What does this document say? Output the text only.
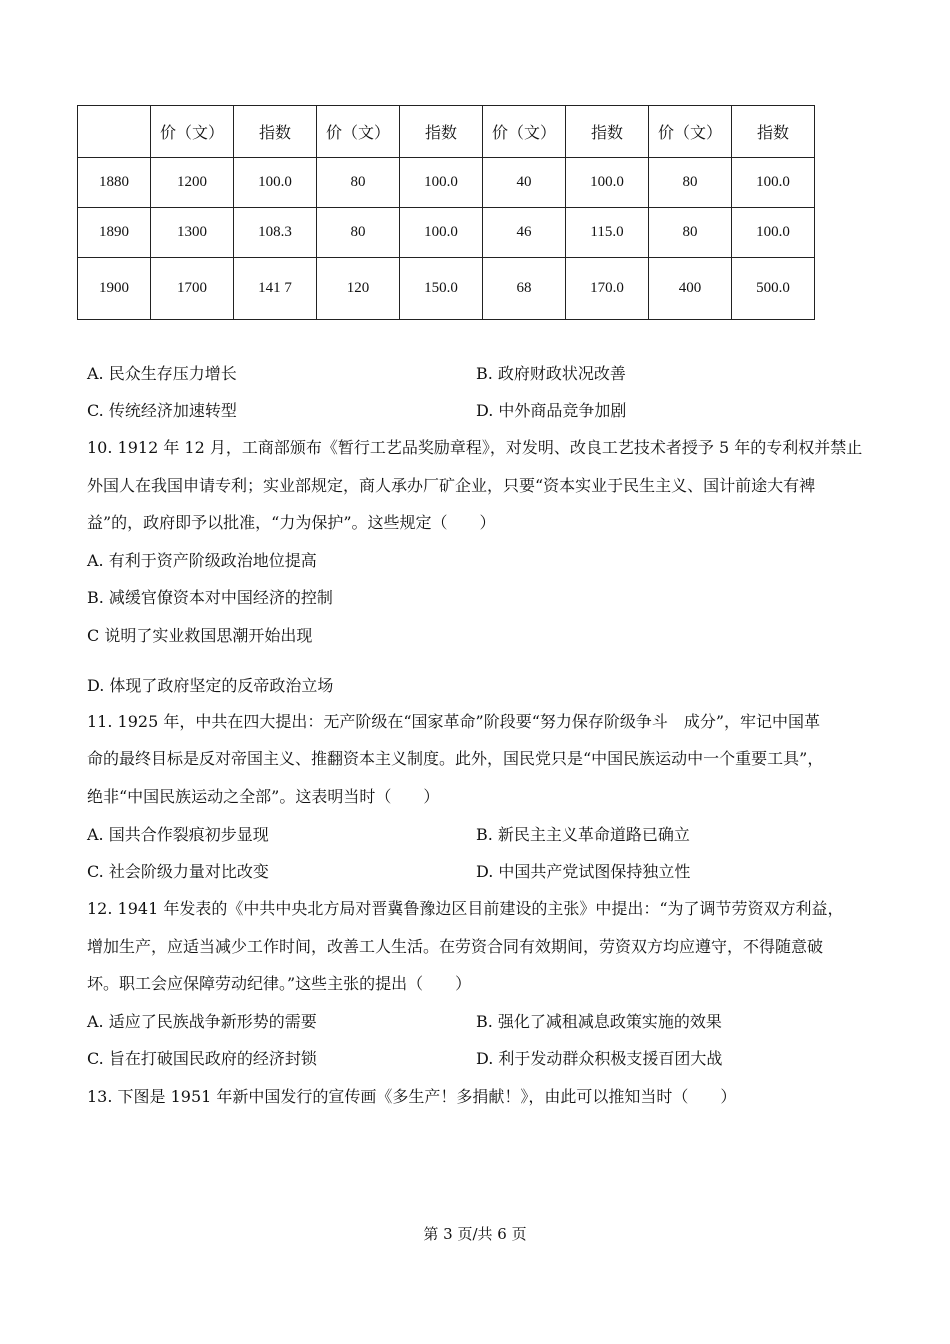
	价（文）	指数	价（文）	指数	价（文）	指数	价（文）	指数
1880	1200	100.0	80	100.0	40	100.0	80	100.0
1890	1300	108.3	80	100.0	46	115.0	80	100.0
1900	1700	141 7	120	150.0	68	170.0	400	500.0
A. 民众生存压力增长	B. 政府财政状况改善
C. 传统经济加速转型	D. 中外商品竞争加剧
10. 1912 年 12 月，工商部颁布《暂行工艺品奖励章程》，对发明、改良工艺技术者授予 5 年的专利权并禁止
外国人在我国申请专利；实业部规定，商人承办厂矿企业，只要“资本实业于民生主义、国计前途大有裨
益”的，政府即予以批准，“力为保护”。这些规定（　　）
A. 有利于资产阶级政治地位提高
B. 减缓官僚资本对中国经济的控制
C 说明了实业救国思潮开始出现
D. 体现了政府坚定的反帝政治立场
11. 1925 年，中共在四大提出：无产阶级在“国家革命”阶段要“努力保存阶级争斗　成分”，牢记中国革
命的最终目标是反对帝国主义、推翻资本主义制度。此外，国民党只是“中国民族运动中一个重要工具”，
绝非“中国民族运动之全部”。这表明当时（　　）
A. 国共合作裂痕初步显现	B. 新民主主义革命道路已确立
C. 社会阶级力量对比改变	D. 中国共产党试图保持独立性
12. 1941 年发表的《中共中央北方局对晋冀鲁豫边区目前建设的主张》中提出：“为了调节劳资双方利益，
增加生产，应适当减少工作时间，改善工人生活。在劳资合同有效期间，劳资双方均应遵守，不得随意破
坏。职工会应保障劳动纪律。”这些主张的提出（　　）
A. 适应了民族战争新形势的需要	B. 强化了减租减息政策实施的效果
C. 旨在打破国民政府的经济封锁	D. 利于发动群众积极支援百团大战
13. 下图是 1951 年新中国发行的宣传画《多生产！多捐献！》，由此可以推知当时（　　）
第 3 页/共 6 页
